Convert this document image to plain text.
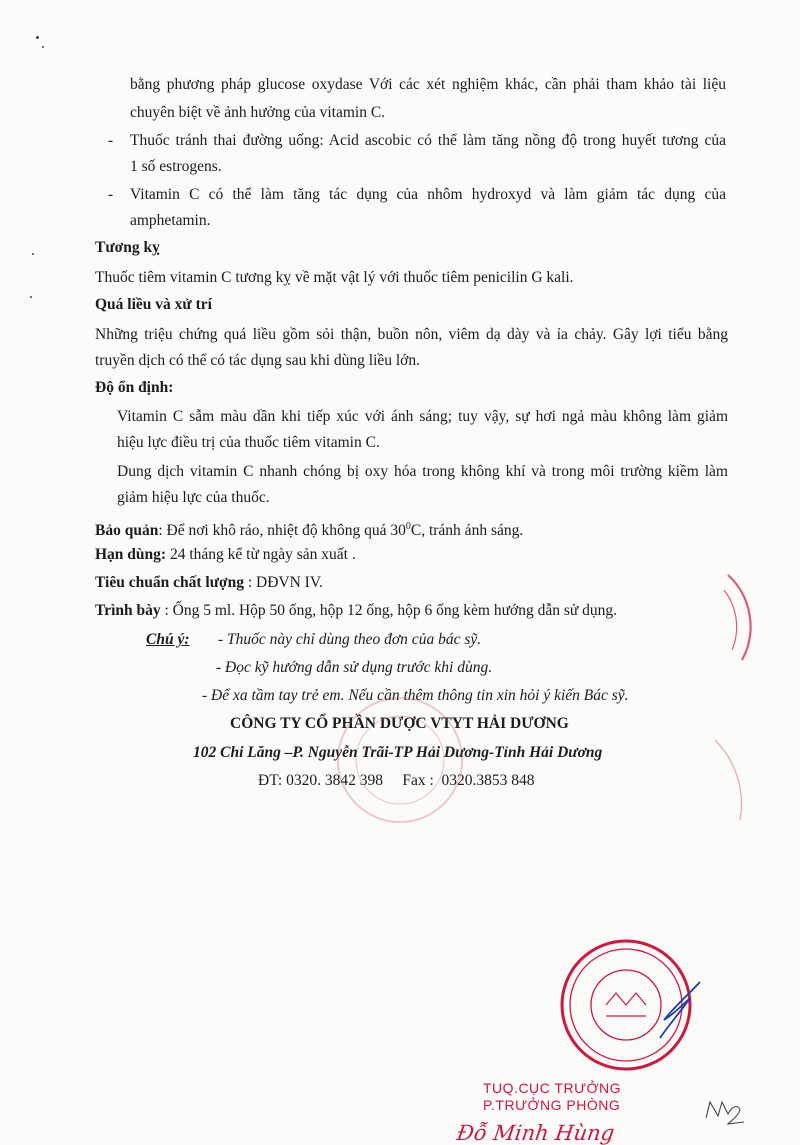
bằng phương pháp glucose oxydase Với các xét nghiệm khác, cần phải tham khảo tài liệu

chuyên biệt về ảnh hưởng của vitamin C.

- Thuốc tránh thai đường uống: Acid ascobic có thể làm tăng nồng độ trong huyết tương của

1 số estrogens.

- Vitamin C có thể làm tăng tác dụng của nhôm hydroxyd và làm giảm tác dụng của

amphetamin.

Tương kỵ

Thuốc tiêm vitamin C tương kỵ về mặt vật lý với thuốc tiêm penicilin G kali.

Quá liều và xử trí

Những triệu chứng quá liều gồm sỏi thận, buồn nôn, viêm dạ dày và ỉa chảy. Gây lợi tiểu bằng

truyền dịch có thể có tác dụng sau khi dùng liều lớn.

Độ ổn định:

Vitamin C sẫm màu dần khi tiếp xúc với ánh sáng; tuy vậy, sự hơi ngả màu không làm giảm

hiệu lực điều trị của thuốc tiêm vitamin C.

Dung dịch vitamin C nhanh chóng bị oxy hóa trong không khí và trong môi trường kiềm làm

giảm hiệu lực của thuốc.

Bảo quản: Để nơi khô ráo, nhiệt độ không quá $30^0C$, tránh ánh sáng.

Hạn dùng: 24 tháng kể từ ngày sản xuất .

Tiêu chuẩn chất lượng : DĐVN IV.

Trình bày : Ống 5 ml. Hộp 50 ống, hộp 12 ống, hộp 6 ống kèm hướng dẫn sử dụng.

Chú ý: - Thuốc này chỉ dùng theo đơn của bác sỹ.

- Đọc kỹ hướng dẫn sử dụng trước khi dùng.

- Để xa tầm tay trẻ em. Nếu cần thêm thông tin xin hỏi ý kiến Bác sỹ.

CÔNG TY CỔ PHẦN DƯỢC VTYT HẢI DƯƠNG

102 Chi Lăng –P. Nguyễn Trãi-TP Hải Dương-Tỉnh Hải Dương

ĐT: 0320. 3842 398     Fax :  0320.3853 848

TUQ.CỤC TRƯỞNG

P.TRƯỞNG PHÒNG

Đỗ Minh Hùng
